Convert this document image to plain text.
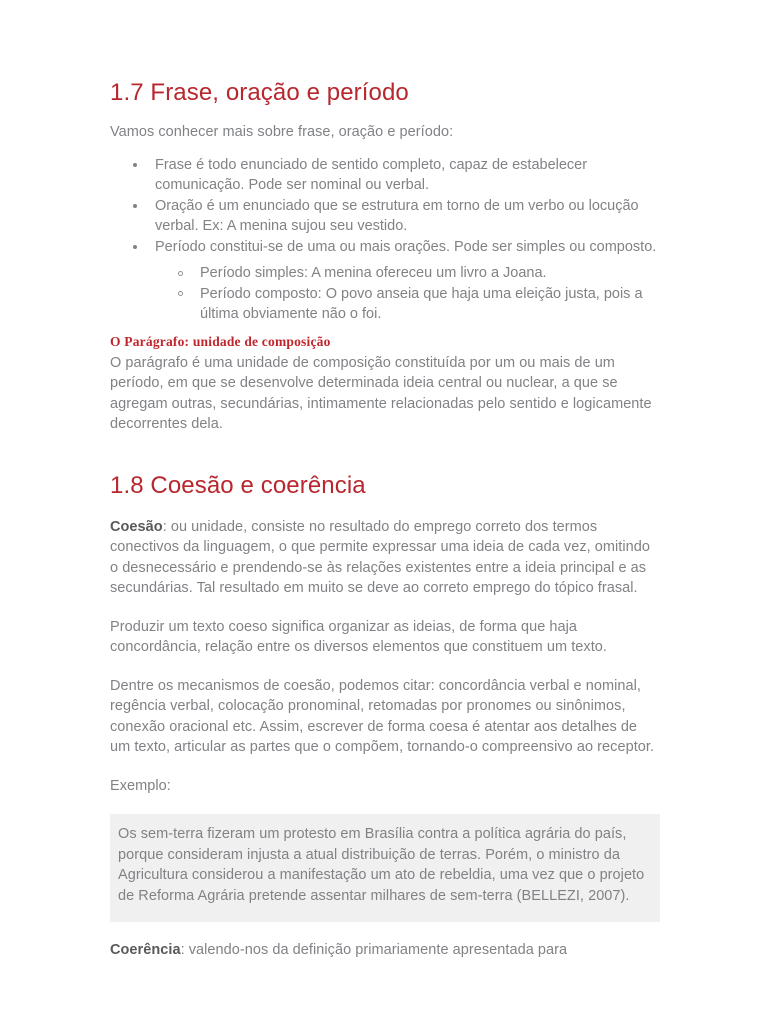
1.7 Frase, oração e período

Vamos conhecer mais sobre frase, oração e período:

Frase é todo enunciado de sentido completo, capaz de estabelecer comunicação. Pode ser nominal ou verbal.
Oração é um enunciado que se estrutura em torno de um verbo ou locução verbal. Ex: A menina sujou seu vestido.
Período constitui-se de uma ou mais orações. Pode ser simples ou composto.
Período simples: A menina ofereceu um livro a Joana.
Período composto: O povo anseia que haja uma eleição justa, pois a última obviamente não o foi.
O Parágrafo: unidade de composição

O parágrafo é uma unidade de composição constituída por um ou mais de um período, em que se desenvolve determinada ideia central ou nuclear, a que se agregam outras, secundárias, intimamente relacionadas pelo sentido e logicamente decorrentes dela.

1.8 Coesão e coerência

Coesão: ou unidade, consiste no resultado do emprego correto dos termos conectivos da linguagem, o que permite expressar uma ideia de cada vez, omitindo o desnecessário e prendendo-se às relações existentes entre a ideia principal e as secundárias. Tal resultado em muito se deve ao correto emprego do tópico frasal.

Produzir um texto coeso significa organizar as ideias, de forma que haja concordância, relação entre os diversos elementos que constituem um texto.

Dentre os mecanismos de coesão, podemos citar: concordância verbal e nominal, regência verbal, colocação pronominal, retomadas por pronomes ou sinônimos, conexão oracional etc. Assim, escrever de forma coesa é atentar aos detalhes de um texto, articular as partes que o compõem, tornando-o compreensivo ao receptor.

Exemplo:

Os sem-terra fizeram um protesto em Brasília contra a política agrária do país, porque consideram injusta a atual distribuição de terras. Porém, o ministro da Agricultura considerou a manifestação um ato de rebeldia, uma vez que o projeto de Reforma Agrária pretende assentar milhares de sem-terra (BELLEZI, 2007).

Coerência: valendo-nos da definição primariamente apresentada para
